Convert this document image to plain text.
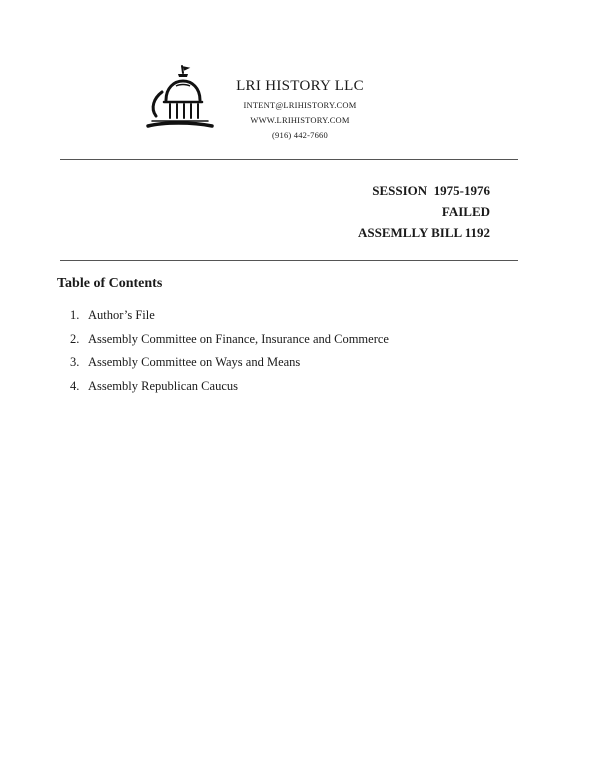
LRI HISTORY LLC
INTENT@LRIHISTORY.COM
WWW.LRIHISTORY.COM
(916) 442-7660
SESSION  1975-1976
FAILED
ASSEMLLY BILL 1192
Table of Contents
1. Author’s File
2. Assembly Committee on Finance, Insurance and Commerce
3. Assembly Committee on Ways and Means
4. Assembly Republican Caucus
